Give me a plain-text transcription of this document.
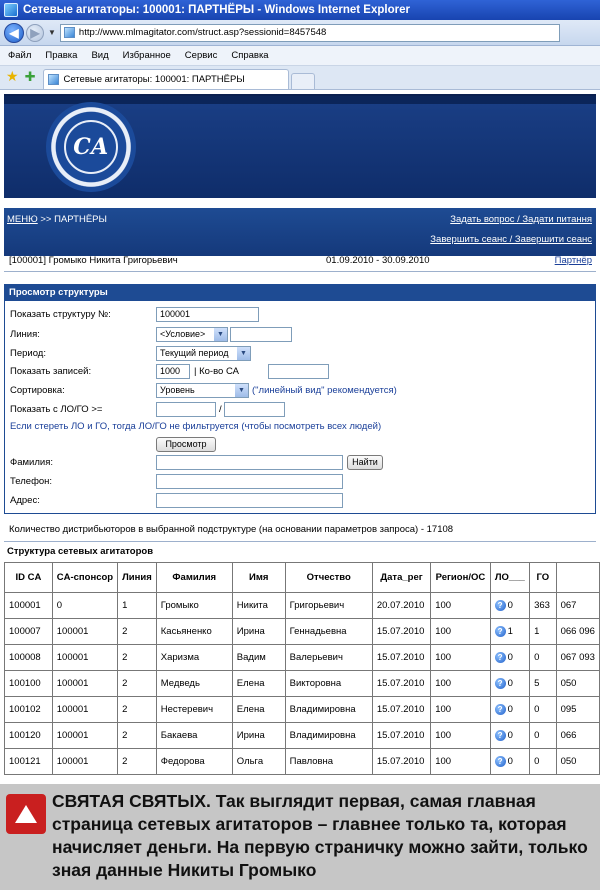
Сетевые агитаторы: 100001: ПАРТНЁРЫ - Windows Internet Explorer
◀ ▶	▼ http://www.mlmagitator.com/struct.asp?sessionid=8457548
Файл Правка Вид Избранное Сервис Справка
★ ✚	Сетевые агитаторы: 100001: ПАРТНЁРЫ
СА
МЕНЮ >> ПАРТНЁРЫ	Задать вопрос / Задати питання
Завершить сеанс / Завершити сеанс
[100001] Громыко Никита Григорьевич	01.09.2010 - 30.09.2010	Партнёр
Просмотр структуры
Показать структуру №:	100001
Линия:	<Условие>	▼
Период:	Текущий период	▼
Показать записей:	1000	| Ко-во СА
Сортировка:	Уровень	▼ ("линейный вид" рекомендуется)
Показать с ЛО/ГО >=	/
Если стереть ЛО и ГО, тогда ЛО/ГО не фильтруется (чтобы посмотреть всех людей)
Просмотр
Фамилия:	Найти
Телефон:
Адрес:
Количество дистрибьюторов в выбранной подструктуре (на основании параметров запроса) - 17108
Структура сетевых агитаторов
ID CA	CA-спонсор	Линия	Фамилия	Имя	Отчество	Дата_рег	Регион/ОС	ЛО___	ГО	
100001	0	1	Громыко	Никита	Григорьевич	20.07.2010	100	? 0	363	067
100007	100001	2	Касьяненко	Ирина	Геннадьевна	15.07.2010	100	? 1	1	066 096
100008	100001	2	Харизма	Вадим	Валерьевич	15.07.2010	100	? 0	0	067 093
100100	100001	2	Медведь	Елена	Викторовна	15.07.2010	100	? 0	5	050
100102	100001	2	Нестеревич	Елена	Владимировна	15.07.2010	100	? 0	0	095
100120	100001	2	Бакаева	Ирина	Владимировна	15.07.2010	100	? 0	0	066
100121	100001	2	Федорова	Ольга	Павловна	15.07.2010	100	? 0	0	050
СВЯТАЯ СВЯТЫХ. Так выглядит первая, самая главная страница сетевых агитаторов – главнее только та, которая начисляет деньги. На первую страничку можно зайти, только зная данные Никиты Громыко
